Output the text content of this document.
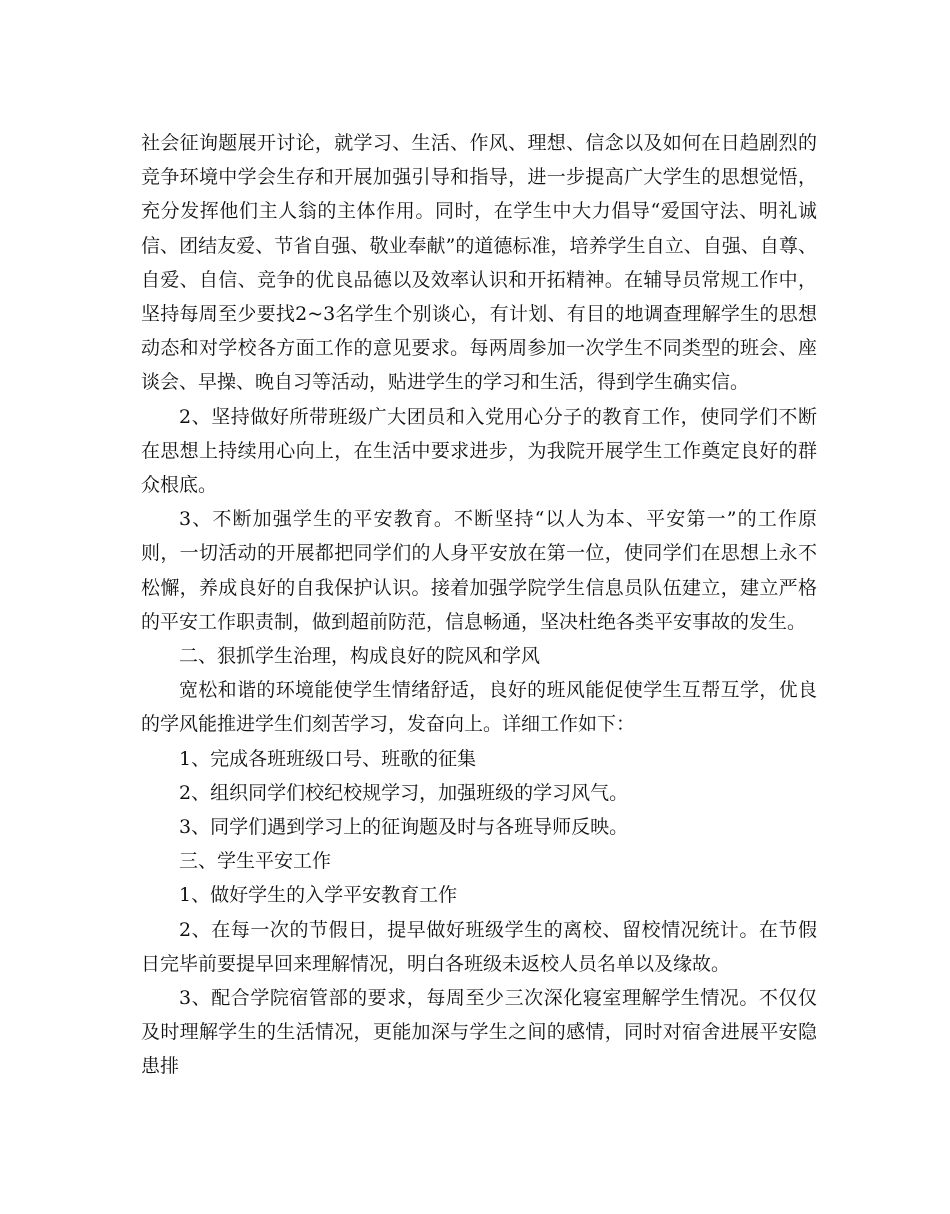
社会征询题展开讨论，就学习、生活、作风、理想、信念以及如何在日趋剧烈的竞争环境中学会生存和开展加强引导和指导，进一步提高广大学生的思想觉悟，充分发挥他们主人翁的主体作用。同时，在学生中大力倡导“爱国守法、明礼诚信、团结友爱、节省自强、敬业奉献”的道德标准，培养学生自立、自强、自尊、自爱、自信、竞争的优良品德以及效率认识和开拓精神。在辅导员常规工作中，坚持每周至少要找2~3名学生个别谈心，有计划、有目的地调查理解学生的思想动态和对学校各方面工作的意见要求。每两周参加一次学生不同类型的班会、座谈会、早操、晚自习等活动，贴进学生的学习和生活，得到学生确实信。

2、坚持做好所带班级广大团员和入党用心分子的教育工作，使同学们不断在思想上持续用心向上，在生活中要求进步，为我院开展学生工作奠定良好的群众根底。

3、不断加强学生的平安教育。不断坚持“以人为本、平安第一”的工作原则，一切活动的开展都把同学们的人身平安放在第一位，使同学们在思想上永不松懈，养成良好的自我保护认识。接着加强学院学生信息员队伍建立，建立严格的平安工作职责制，做到超前防范，信息畅通，坚决杜绝各类平安事故的发生。

二、狠抓学生治理，构成良好的院风和学风

宽松和谐的环境能使学生情绪舒适，良好的班风能促使学生互帮互学，优良的学风能推进学生们刻苦学习，发奋向上。详细工作如下：

1、完成各班班级口号、班歌的征集

2、组织同学们校纪校规学习，加强班级的学习风气。

3、同学们遇到学习上的征询题及时与各班导师反映。

三、学生平安工作

1、做好学生的入学平安教育工作

2、在每一次的节假日，提早做好班级学生的离校、留校情况统计。在节假日完毕前要提早回来理解情况，明白各班级未返校人员名单以及缘故。

3、配合学院宿管部的要求，每周至少三次深化寝室理解学生情况。不仅仅及时理解学生的生活情况，更能加深与学生之间的感情，同时对宿舍进展平安隐患排
